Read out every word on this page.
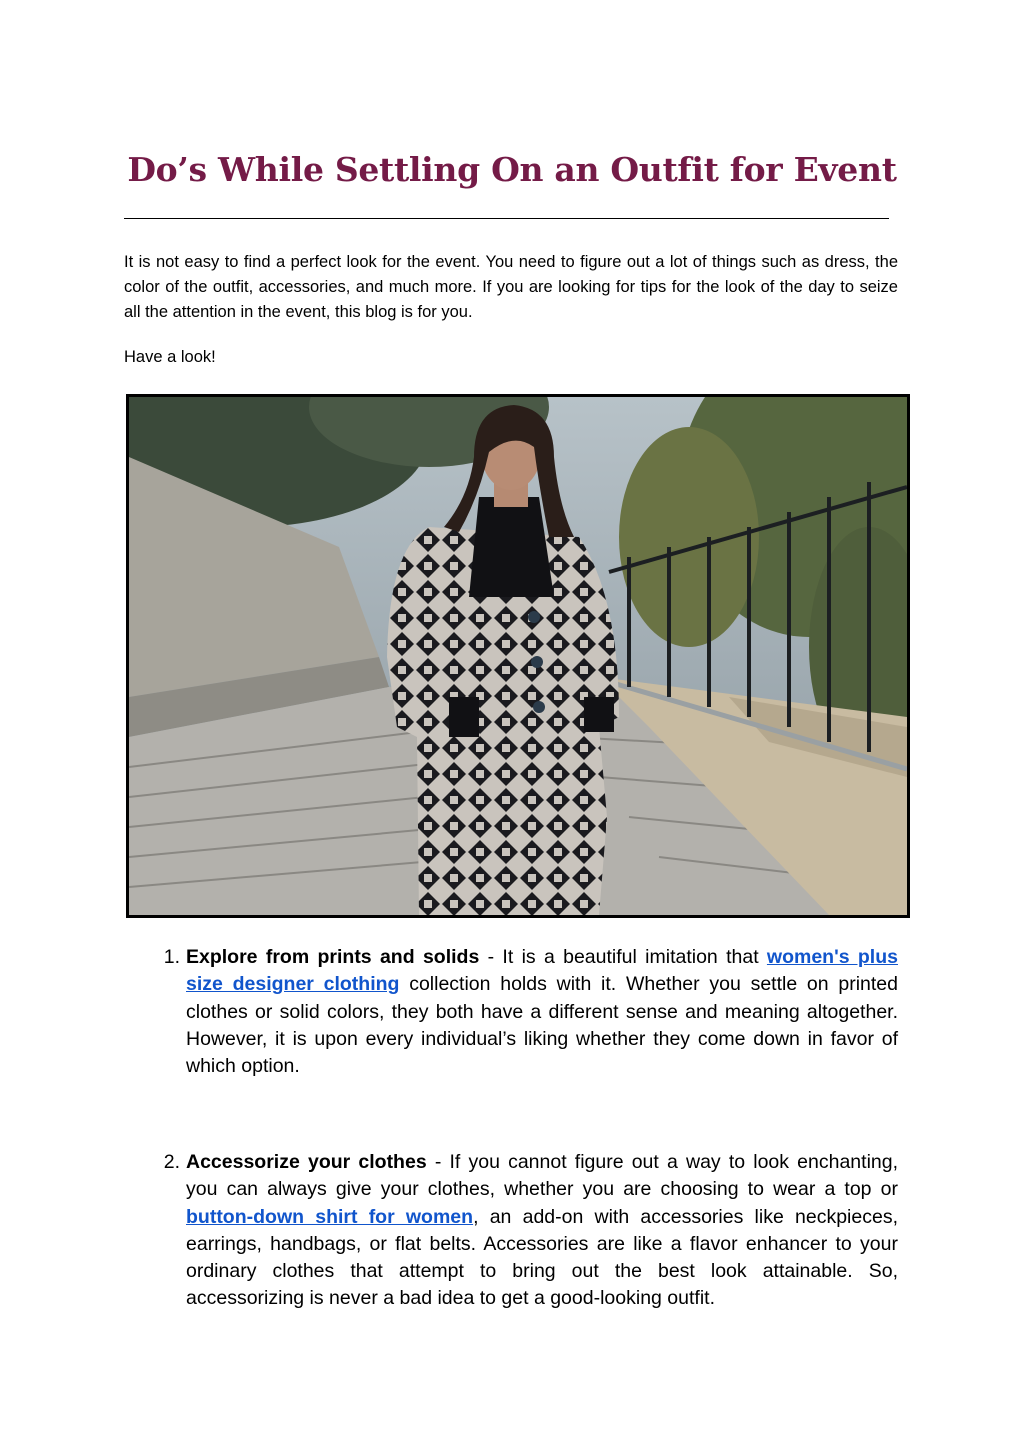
Do’s While Settling On an Outfit for Event

It is not easy to find a perfect look for the event. You need to figure out a lot of things such as dress, the color of the outfit, accessories, and much more. If you are looking for tips for the look of the day to seize all the attention in the event, this blog is for you.

Have a look!

1. Explore from prints and solids - It is a beautiful imitation that women's plus size designer clothing collection holds with it. Whether you settle on printed clothes or solid colors, they both have a different sense and meaning altogether. However, it is upon every individual’s liking whether they come down in favor of which option.
2. Accessorize your clothes - If you cannot figure out a way to look enchanting, you can always give your clothes, whether you are choosing to wear a top or button-down shirt for women, an add-on with accessories like neckpieces, earrings, handbags, or flat belts. Accessories are like a flavor enhancer to your ordinary clothes that attempt to bring out the best look attainable. So, accessorizing is never a bad idea to get a good-looking outfit.
